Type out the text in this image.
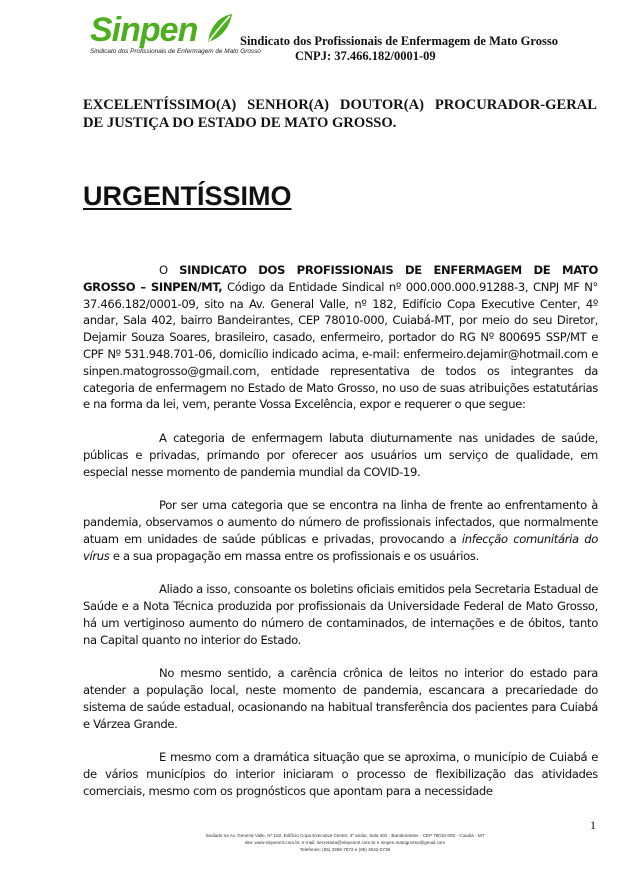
Sinpen
Sindicato dos Profissionais de Enfermagem de Mato Grosso
Sindicato dos Profissionais de Enfermagem de Mato Grosso
CNPJ: 37.466.182/0001-09
EXCELENTÍSSIMO(A) SENHOR(A) DOUTOR(A) PROCURADOR-GERAL DE JUSTIÇA DO ESTADO DE MATO GROSSO.
URGENTÍSSIMO

O SINDICATO DOS PROFISSIONAIS DE ENFERMAGEM DE MATO GROSSO – SINPEN/MT, Código da Entidade Sindical nº 000.000.000.91288-3, CNPJ MF N° 37.466.182/0001-09, sito na Av. General Valle, nº 182, Edifício Copa Executive Center, 4º andar, Sala 402, bairro Bandeirantes, CEP 78010-000, Cuiabá-MT, por meio do seu Diretor, Dejamir Souza Soares, brasileiro, casado, enfermeiro, portador do RG Nº 800695 SSP/MT e CPF Nº 531.948.701-06, domicílio indicado acima, e-mail: enfermeiro.dejamir@hotmail.com e sinpen.matogrosso@gmail.com, entidade representativa de todos os integrantes da categoria de enfermagem no Estado de Mato Grosso, no uso de suas atribuições estatutárias e na forma da lei, vem, perante Vossa Excelência, expor e requerer o que segue:

A categoria de enfermagem labuta diuturnamente nas unidades de saúde, públicas e privadas, primando por oferecer aos usuários um serviço de qualidade, em especial nesse momento de pandemia mundial da COVID-19.

Por ser uma categoria que se encontra na linha de frente ao enfrentamento à pandemia, observamos o aumento do número de profissionais infectados, que normalmente atuam em unidades de saúde públicas e privadas, provocando a infecção comunitária do vírus e a sua propagação em massa entre os profissionais e os usuários.

Aliado a isso, consoante os boletins oficiais emitidos pela Secretaria Estadual de Saúde e a Nota Técnica produzida por profissionais da Universidade Federal de Mato Grosso, há um vertiginoso aumento do número de contaminados, de internações e de óbitos, tanto na Capital quanto no interior do Estado.

No mesmo sentido, a carência crônica de leitos no interior do estado para atender a população local, neste momento de pandemia, escancara a precariedade do sistema de saúde estadual, ocasionando na habitual transferência dos pacientes para Cuiabá e Várzea Grande.

E mesmo com a dramática situação que se aproxima, o município de Cuiabá e de vários municípios do interior iniciaram o processo de flexibilização das atividades comerciais, mesmo com os prognósticos que apontam para a necessidade

1
Sediado na Av. General Valle, Nº 182, Edifício Copa Executive Center, 4º andar, Sala 402 - Bandeirantes - CEP 78010-000 - Cuiabá - MT
site: www.sinpenmt.com.br, e-mail: secretaria@sinpenmt.com.br e sinpen.matogrosso@gmail.com
Telefones: (65) 3358-7872 e (65) 3642-0738
